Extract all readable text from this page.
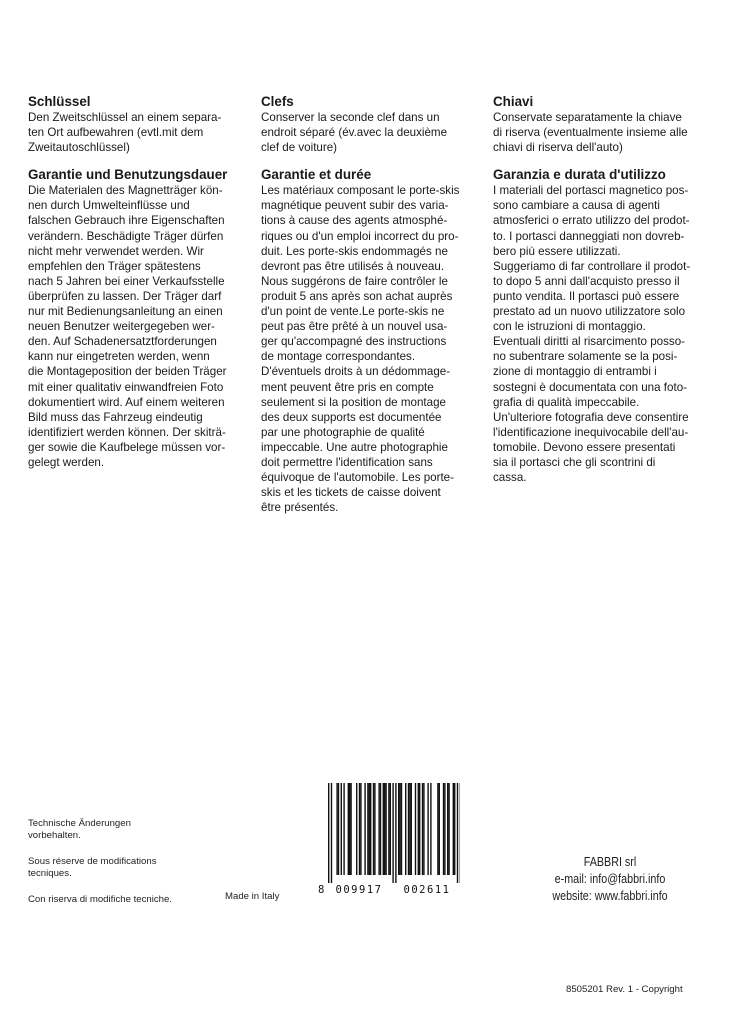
Schlüssel

Den Zweitschlüssel an einem separa-
ten Ort aufbewahren (evtl.mit dem
Zweitautoschlüssel)

Garantie und Benutzungsdauer

Die Materialen des Magnetträger kön-
nen durch Umwelteinflüsse und
falschen Gebrauch ihre Eigenschaften
verändern. Beschädigte Träger dürfen
nicht mehr verwendet werden. Wir
empfehlen den Träger spätestens
nach 5 Jahren bei einer Verkaufsstelle
überprüfen zu lassen. Der Träger darf
nur mit Bedienungsanleitung an einen
neuen Benutzer weitergegeben wer-
den. Auf Schadenersatztforderungen
kann nur eingetreten werden, wenn
die Montageposition der beiden Träger
mit einer qualitativ einwandfreien Foto
dokumentiert wird. Auf einem weiteren
Bild muss das Fahrzeug eindeutig
identifiziert werden können. Der skiträ-
ger sowie die Kaufbelege müssen vor-
gelegt werden.

Clefs

Conserver la seconde clef dans un
endroit séparé (év.avec la deuxième
clef de voiture)

Garantie et durée

Les matériaux composant le porte-skis
magnétique peuvent subir des varia-
tions à cause des agents atmosphé-
riques ou d'un emploi incorrect du pro-
duit. Les porte-skis endommagés ne
devront pas être utilisés à nouveau.
Nous suggérons de faire contrôler le
produit 5 ans après son achat auprès
d'un point de vente.Le porte-skis ne
peut pas être prêté à un nouvel usa-
ger qu'accompagné des instructions
de montage correspondantes.
D'éventuels droits à un dédommage-
ment peuvent être pris en compte
seulement si la position de montage
des deux supports est documentée
par une photographie de qualité
impeccable. Une autre photographie
doit permettre l'identification sans
équivoque de l'automobile. Les porte-
skis et les tickets de caisse doivent
être présentés.

Chiavi

Conservate separatamente la chiave
di riserva (eventualmente insieme alle
chiavi di riserva dell'auto)

Garanzia e durata d'utilizzo

I materiali del portasci magnetico pos-
sono cambiare a causa di agenti
atmosferici o errato utilizzo del prodot-
to. I portasci danneggiati non dovreb-
bero più essere utilizzati.
Suggeriamo di far controllare il prodot-
to dopo 5 anni dall'acquisto presso il
punto vendita. Il portasci può essere
prestato ad un nuovo utilizzatore solo
con le istruzioni di montaggio.
Eventuali diritti al risarcimento posso-
no subentrare solamente se la posi-
zione di montaggio di entrambi i
sostegni è documentata con una foto-
grafia di qualità impeccabile.
Un'ulteriore fotografia deve consentire
l'identificazione inequivocabile dell'au-
tomobile. Devono essere presentati
sia il portasci che gli scontrini di
cassa.

Technische Änderungen
vorbehalten.

Sous réserve de modifications
tecniques.

Con riserva di modifiche tecniche.	Made in Italy
8	009917	002611
FABBRI srl
e-mail: info@fabbri.info
website: www.fabbri.info
8505201 Rev. 1 - Copyright
